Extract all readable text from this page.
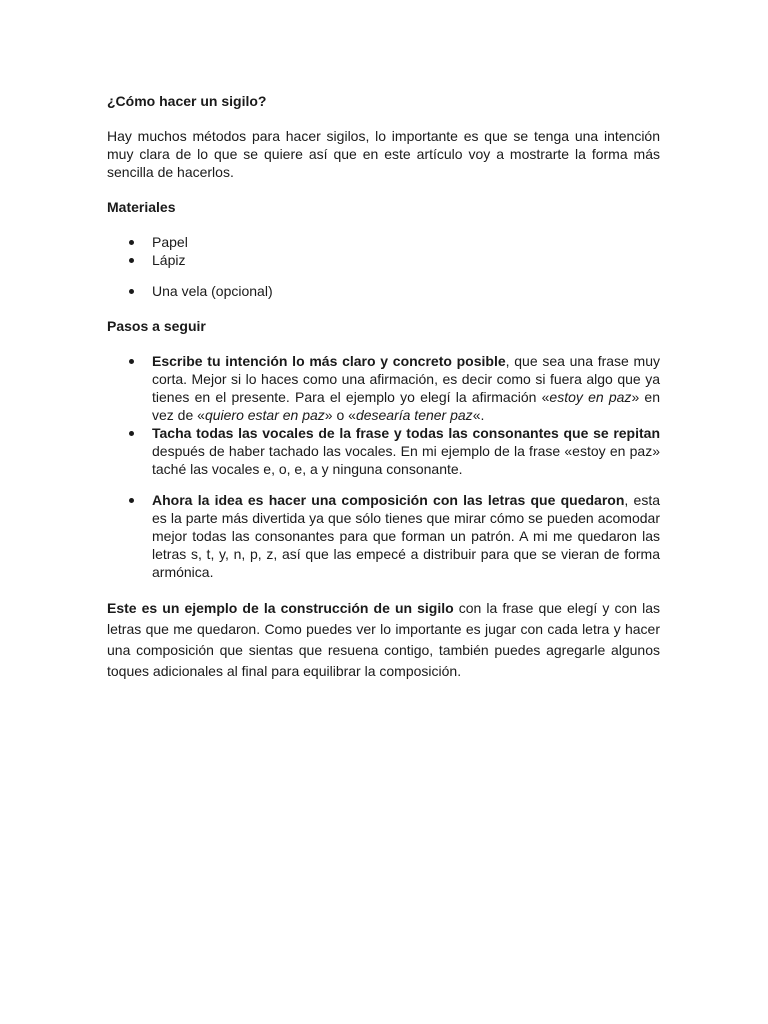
¿Cómo hacer un sigilo?

Hay muchos métodos para hacer sigilos, lo importante es que se tenga una intención muy clara de lo que se quiere así que en este artículo voy a mostrarte la forma más sencilla de hacerlos.

Materiales

Papel
Lápiz
Una vela (opcional)

Pasos a seguir

Escribe tu intención lo más claro y concreto posible, que sea una frase muy corta. Mejor si lo haces como una afirmación, es decir como si fuera algo que ya tienes en el presente. Para el ejemplo yo elegí la afirmación «estoy en paz» en vez de «quiero estar en paz» o «desearía tener paz«.
Tacha todas las vocales de la frase y todas las consonantes que se repitan después de haber tachado las vocales. En mi ejemplo de la frase «estoy en paz» taché las vocales e, o, e, a y ninguna consonante.
Ahora la idea es hacer una composición con las letras que quedaron, esta es la parte más divertida ya que sólo tienes que mirar cómo se pueden acomodar mejor todas las consonantes para que forman un patrón. A mi me quedaron las letras s, t, y, n, p, z, así que las empecé a distribuir para que se vieran de forma armónica.

Este es un ejemplo de la construcción de un sigilo con la frase que elegí y con las letras que me quedaron. Como puedes ver lo importante es jugar con cada letra y hacer una composición que sientas que resuena contigo, también puedes agregarle algunos toques adicionales al final para equilibrar la composición.
